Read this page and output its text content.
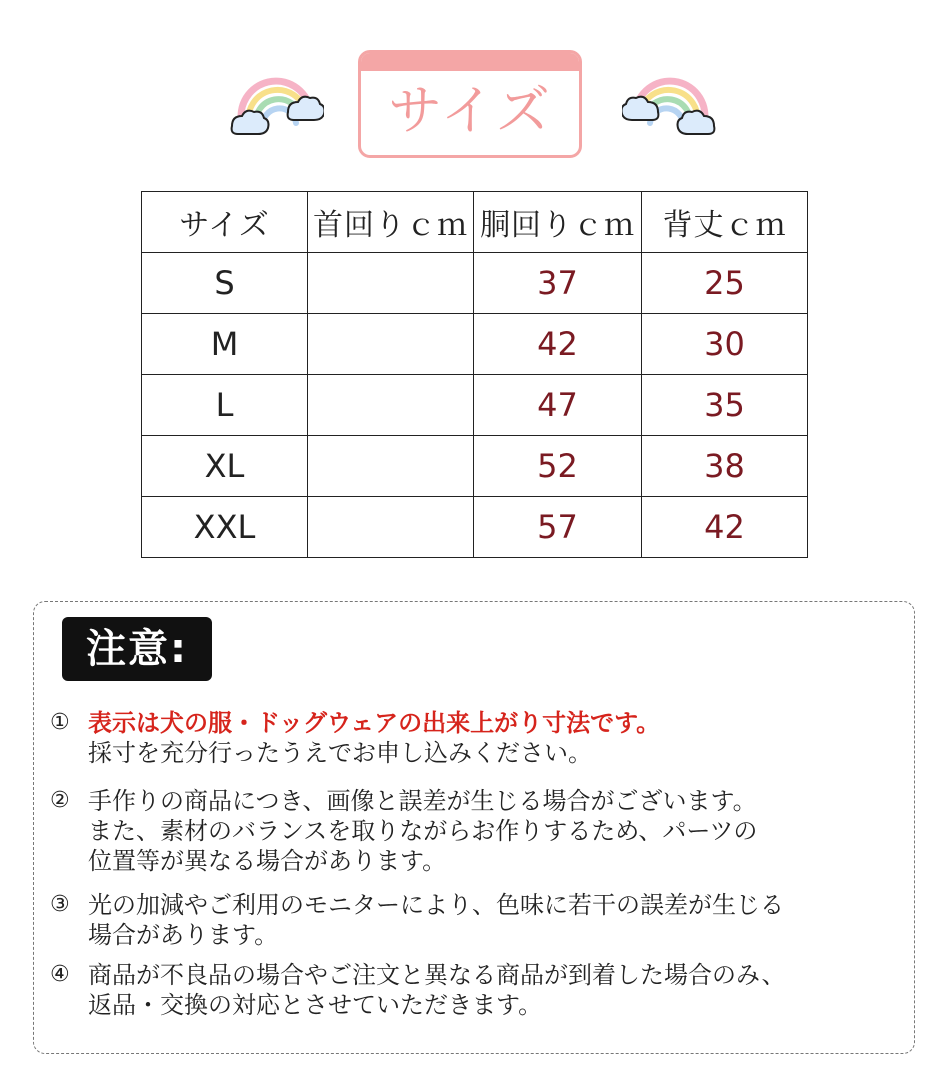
サイズ
サイズ	首回りｃｍ	胴回りｃｍ	背丈ｃｍ
S		37	25
M		42	30
L		47	35
XL		52	38
XXL		57	42
注意:
① 表示は犬の服・ドッグウェアの出来上がり寸法です。

採寸を充分行ったうえでお申し込みください。

② 手作りの商品につき、画像と誤差が生じる場合がございます。

また、素材のバランスを取りながらお作りするため、パーツの

位置等が異なる場合があります。

③ 光の加減やご利用のモニターにより、色味に若干の誤差が生じる

場合があります。

④ 商品が不良品の場合やご注文と異なる商品が到着した場合のみ、

返品・交換の対応とさせていただきます。
